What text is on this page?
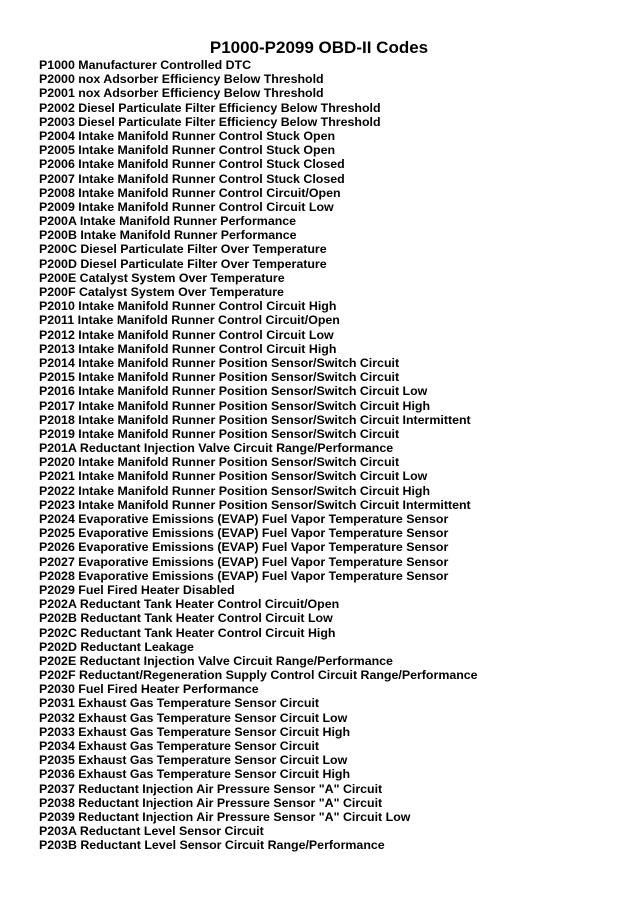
P1000-P2099 OBD-II Codes
P1000 Manufacturer Controlled DTC
P2000 nox Adsorber Efficiency Below Threshold
P2001 nox Adsorber Efficiency Below Threshold
P2002 Diesel Particulate Filter Efficiency Below Threshold
P2003 Diesel Particulate Filter Efficiency Below Threshold
P2004 Intake Manifold Runner Control Stuck Open
P2005 Intake Manifold Runner Control Stuck Open
P2006 Intake Manifold Runner Control Stuck Closed
P2007 Intake Manifold Runner Control Stuck Closed
P2008 Intake Manifold Runner Control Circuit/Open
P2009 Intake Manifold Runner Control Circuit Low
P200A Intake Manifold Runner Performance
P200B Intake Manifold Runner Performance
P200C Diesel Particulate Filter Over Temperature
P200D Diesel Particulate Filter Over Temperature
P200E Catalyst System Over Temperature
P200F Catalyst System Over Temperature
P2010 Intake Manifold Runner Control Circuit High
P2011 Intake Manifold Runner Control Circuit/Open
P2012 Intake Manifold Runner Control Circuit Low
P2013 Intake Manifold Runner Control Circuit High
P2014 Intake Manifold Runner Position Sensor/Switch Circuit
P2015 Intake Manifold Runner Position Sensor/Switch Circuit
P2016 Intake Manifold Runner Position Sensor/Switch Circuit Low
P2017 Intake Manifold Runner Position Sensor/Switch Circuit High
P2018 Intake Manifold Runner Position Sensor/Switch Circuit Intermittent
P2019 Intake Manifold Runner Position Sensor/Switch Circuit
P201A Reductant Injection Valve Circuit Range/Performance
P2020 Intake Manifold Runner Position Sensor/Switch Circuit
P2021 Intake Manifold Runner Position Sensor/Switch Circuit Low
P2022 Intake Manifold Runner Position Sensor/Switch Circuit High
P2023 Intake Manifold Runner Position Sensor/Switch Circuit Intermittent
P2024 Evaporative Emissions (EVAP) Fuel Vapor Temperature Sensor
P2025 Evaporative Emissions (EVAP) Fuel Vapor Temperature Sensor
P2026 Evaporative Emissions (EVAP) Fuel Vapor Temperature Sensor
P2027 Evaporative Emissions (EVAP) Fuel Vapor Temperature Sensor
P2028 Evaporative Emissions (EVAP) Fuel Vapor Temperature Sensor
P2029 Fuel Fired Heater Disabled
P202A Reductant Tank Heater Control Circuit/Open
P202B Reductant Tank Heater Control Circuit Low
P202C Reductant Tank Heater Control Circuit High
P202D Reductant Leakage
P202E Reductant Injection Valve Circuit Range/Performance
P202F Reductant/Regeneration Supply Control Circuit Range/Performance
P2030 Fuel Fired Heater Performance
P2031 Exhaust Gas Temperature Sensor Circuit
P2032 Exhaust Gas Temperature Sensor Circuit Low
P2033 Exhaust Gas Temperature Sensor Circuit High
P2034 Exhaust Gas Temperature Sensor Circuit
P2035 Exhaust Gas Temperature Sensor Circuit Low
P2036 Exhaust Gas Temperature Sensor Circuit High
P2037 Reductant Injection Air Pressure Sensor "A" Circuit
P2038 Reductant Injection Air Pressure Sensor "A" Circuit
P2039 Reductant Injection Air Pressure Sensor "A" Circuit Low
P203A Reductant Level Sensor Circuit
P203B Reductant Level Sensor Circuit Range/Performance
